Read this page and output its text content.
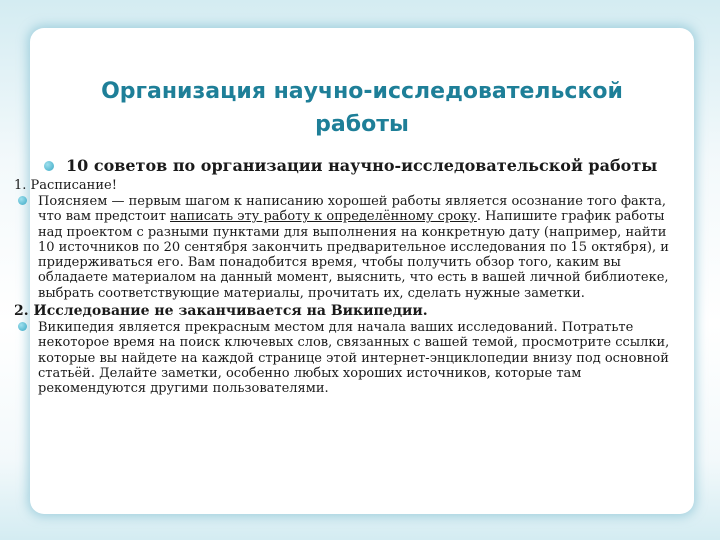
Организация научно-исследовательской
работы
10 советов по организации научно-исследовательской работы
1. Расписание!
Поясняем — первым шагом к написанию хорошей работы является осознание того факта, что вам предстоит написать эту работу к определённому сроку. Напишите график работы над проектом с разными пунктами для выполнения на конкретную дату (например, найти 10 источников по 20 сентября закончить предварительное исследования по 15 октября), и придерживаться его. Вам понадобится время, чтобы получить обзор того, каким вы обладаете материалом на данный момент, выяснить, что есть в вашей личной библиотеке, выбрать соответствующие материалы, прочитать их, сделать нужные заметки.
2. Исследование не заканчивается на Википедии.
Википедия является прекрасным местом для начала ваших исследований. Потратьте некоторое время на поиск ключевых слов, связанных с вашей темой, просмотрите ссылки, которые вы найдете на каждой странице этой интернет-энциклопедии внизу под основной статьёй. Делайте заметки, особенно любых хороших источников, которые там рекомендуются другими пользователями.
